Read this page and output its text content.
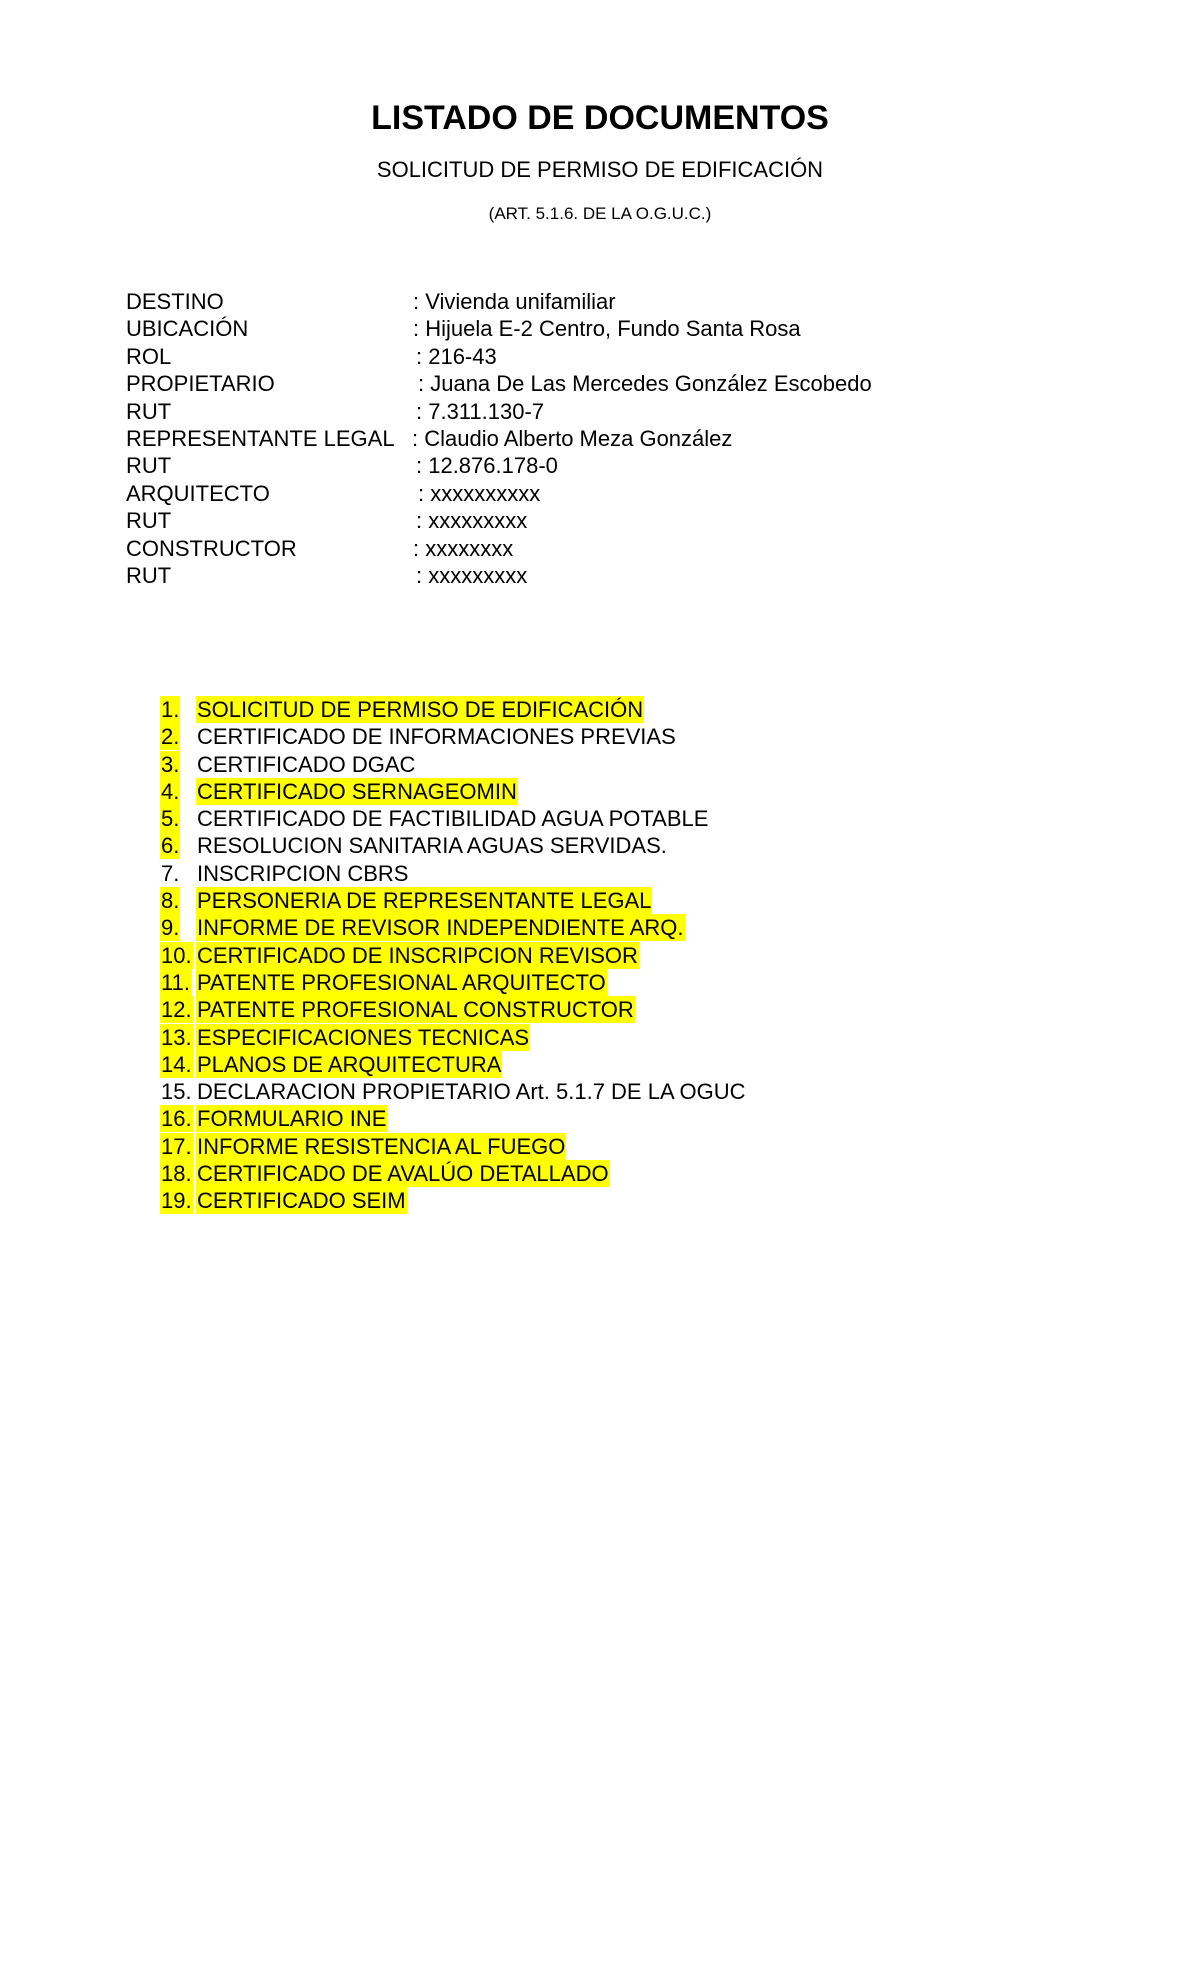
LISTADO DE DOCUMENTOS
SOLICITUD DE PERMISO DE EDIFICACIÓN
(ART. 5.1.6. DE LA O.G.U.C.)
DESTINO	: Vivienda unifamiliar
UBICACIÓN	: Hijuela E-2 Centro, Fundo Santa Rosa
ROL	: 216-43
PROPIETARIO	: Juana De Las Mercedes González Escobedo
RUT	: 7.311.130-7
REPRESENTANTE LEGAL : Claudio Alberto Meza González
RUT	: 12.876.178-0
ARQUITECTO	: xxxxxxxxxx
RUT	: xxxxxxxxx
CONSTRUCTOR	: xxxxxxxx
RUT	: xxxxxxxxx
1. SOLICITUD DE PERMISO DE EDIFICACIÓN
2. CERTIFICADO DE INFORMACIONES PREVIAS
3. CERTIFICADO DGAC
4. CERTIFICADO SERNAGEOMIN
5. CERTIFICADO DE FACTIBILIDAD AGUA POTABLE
6. RESOLUCION SANITARIA AGUAS SERVIDAS.
7. INSCRIPCION CBRS
8. PERSONERIA DE REPRESENTANTE LEGAL
9. INFORME DE REVISOR INDEPENDIENTE ARQ.
10. CERTIFICADO DE INSCRIPCION REVISOR
11. PATENTE PROFESIONAL ARQUITECTO
12. PATENTE PROFESIONAL CONSTRUCTOR
13. ESPECIFICACIONES TECNICAS
14. PLANOS DE ARQUITECTURA
15. DECLARACION PROPIETARIO Art. 5.1.7 DE LA OGUC
16. FORMULARIO INE
17. INFORME RESISTENCIA AL FUEGO
18. CERTIFICADO DE AVALÚO DETALLADO
19. CERTIFICADO SEIM
